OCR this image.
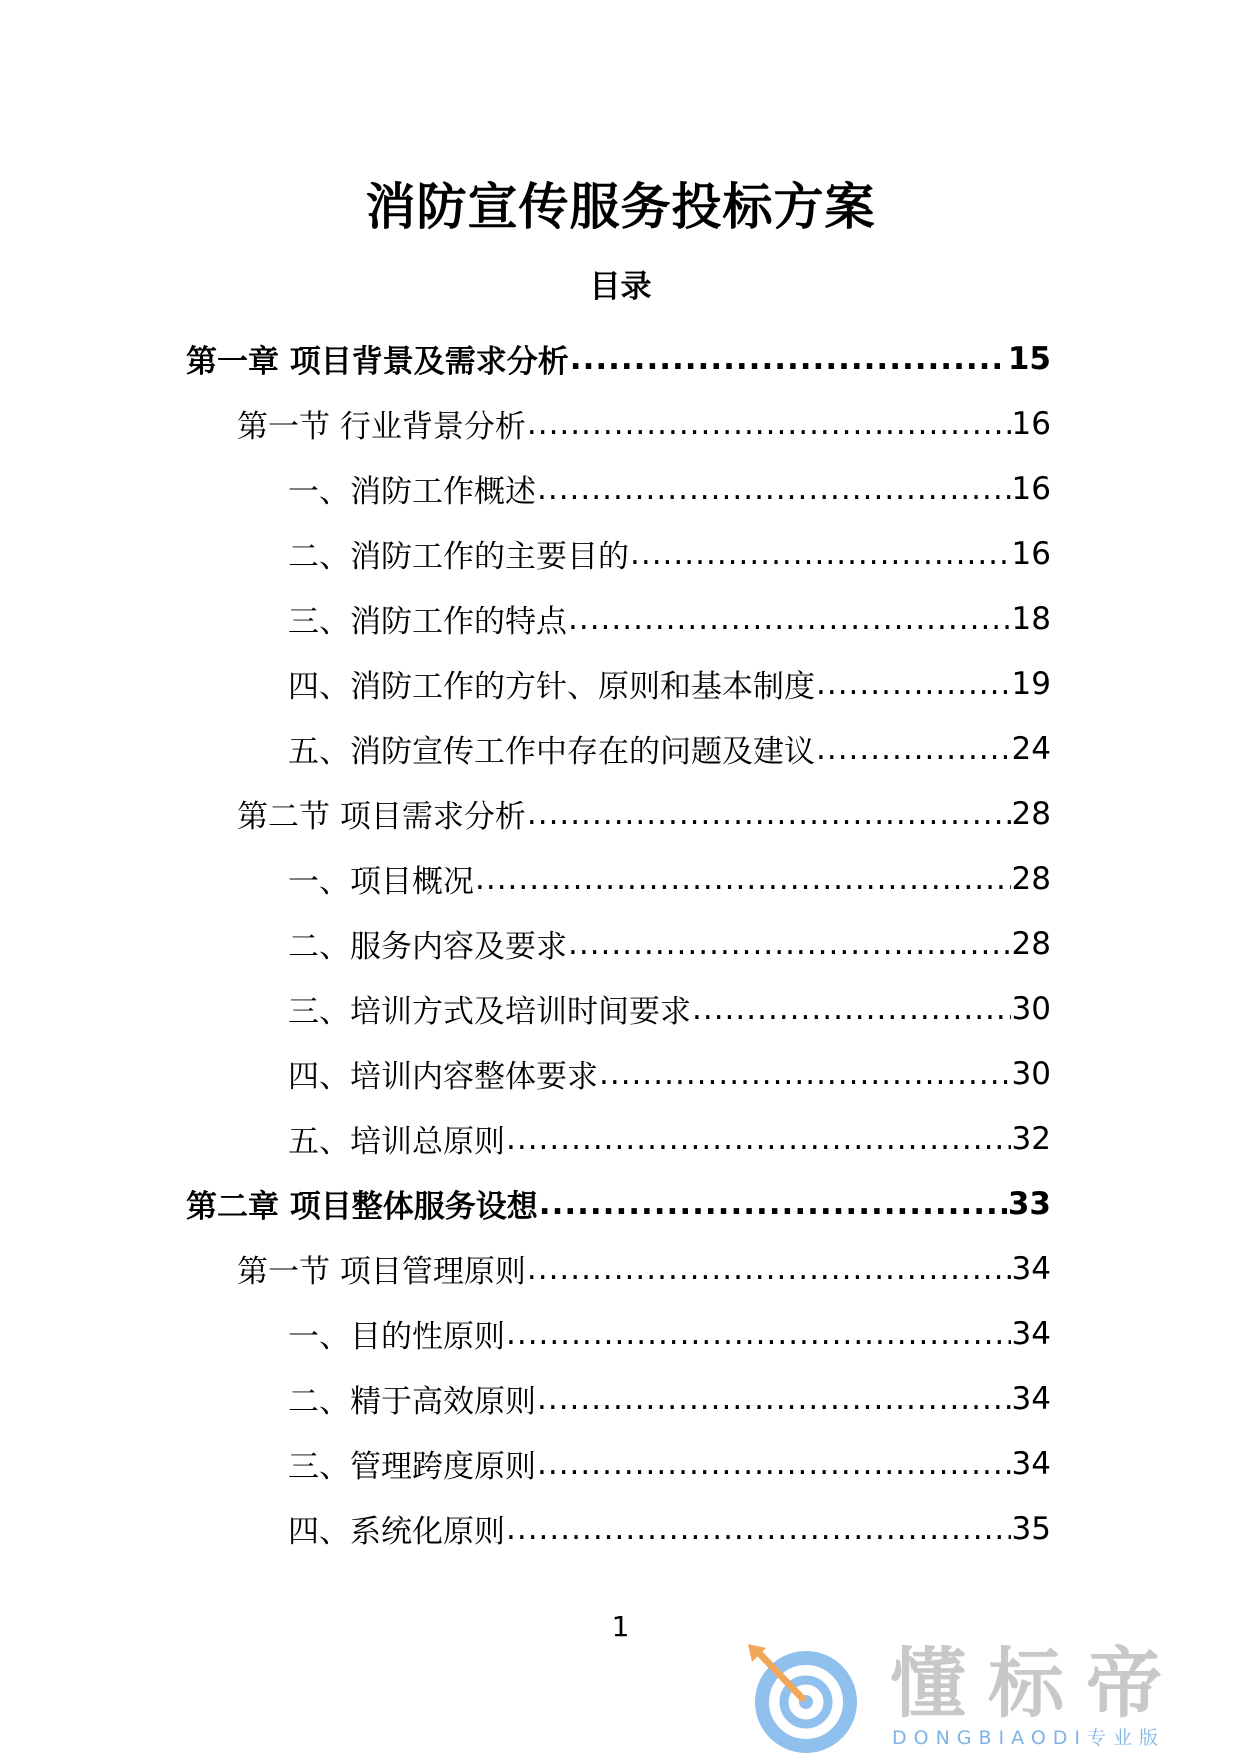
消防宣传服务投标方案
目录
第一章 项目背景及需求分析 .....	15
第一节 行业背景分析 .....	16
一、消防工作概述 .....	16
二、消防工作的主要目的 .....	16
三、消防工作的特点 .....	18
四、消防工作的方针、原则和基本制度 .....	19
五、消防宣传工作中存在的问题及建议 .....	24
第二节 项目需求分析 .....	28
一、项目概况 .....	28
二、服务内容及要求 .....	28
三、培训方式及培训时间要求 .....	30
四、培训内容整体要求 .....	30
五、培训总原则 .....	32
第二章 项目整体服务设想 .....	33
第一节 项目管理原则 .....	34
一、目的性原则 .....	34
二、精于高效原则 .....	34
三、管理跨度原则 .....	34
四、系统化原则 .....	35
1
懂标帝
DONGBIAODI专业版
